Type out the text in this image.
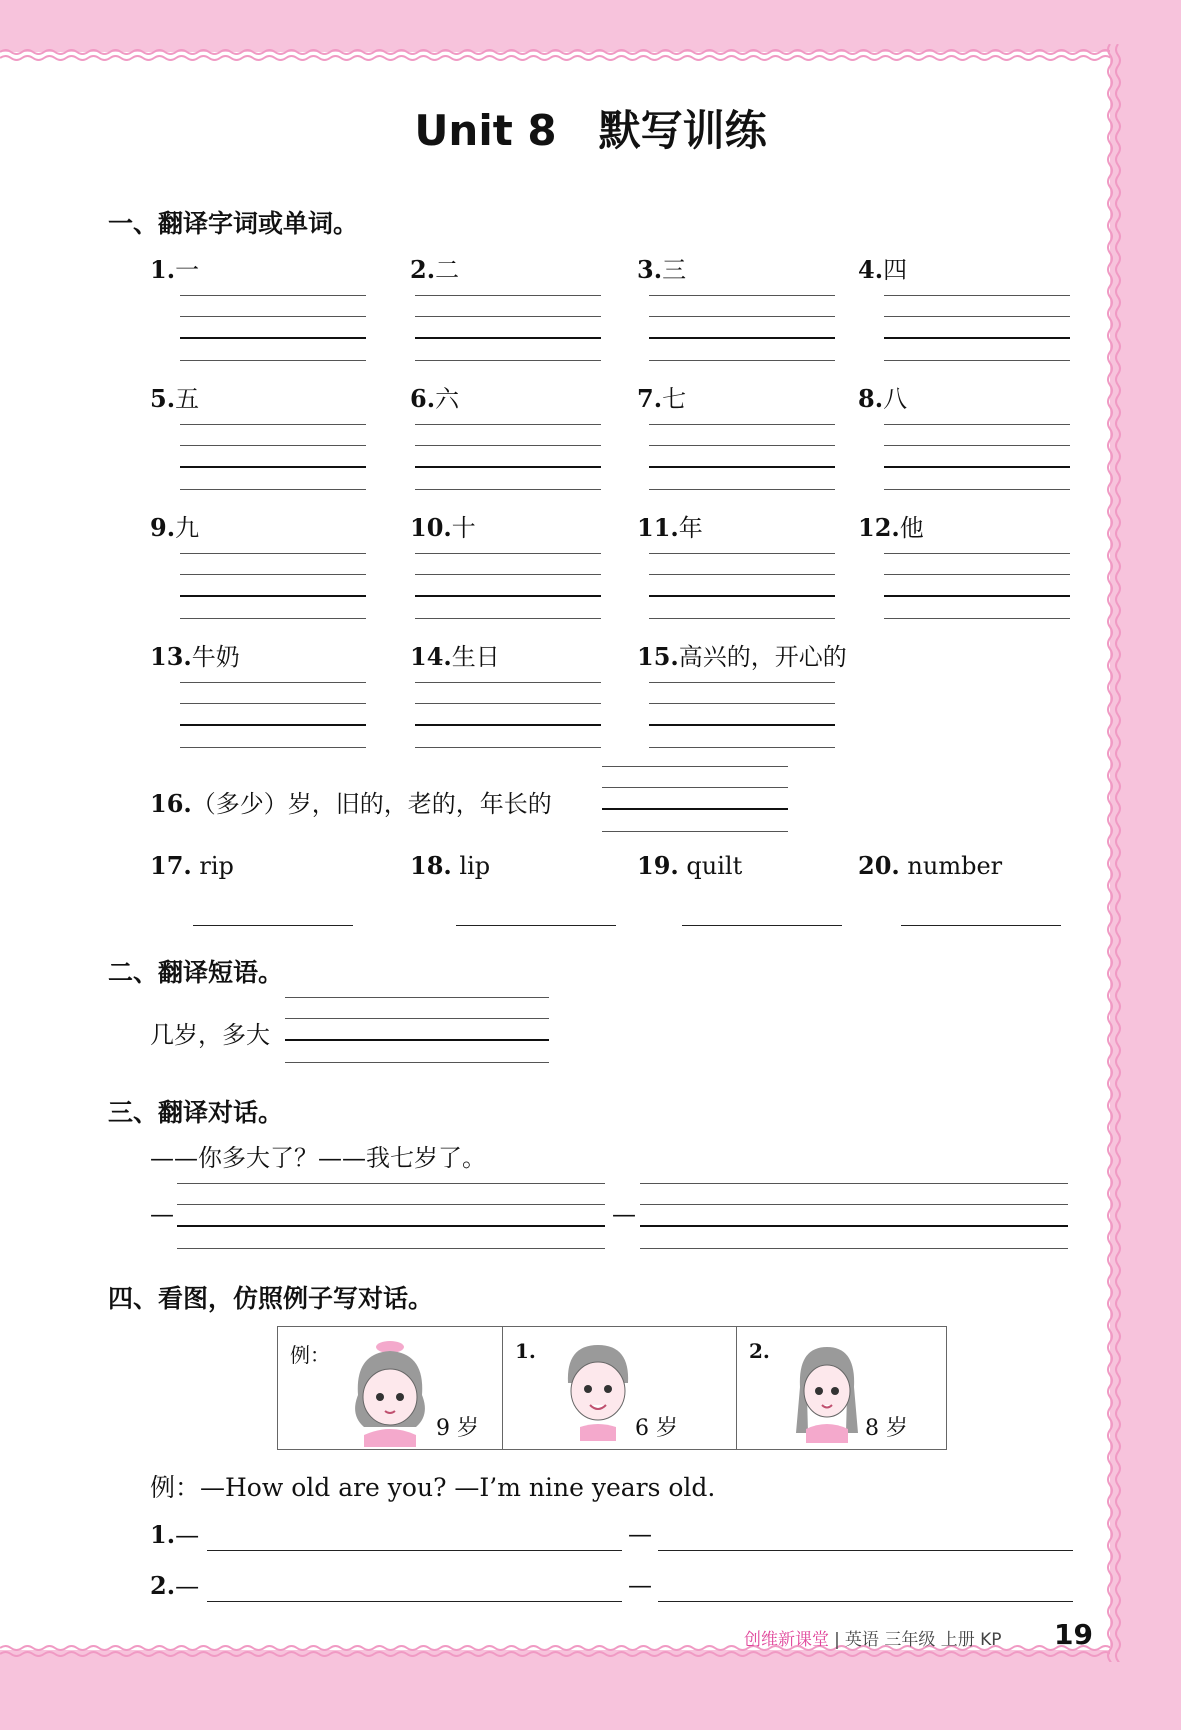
Unit 8　默写训练
一、翻译字词或单词。
1.一	2.二	3.三	4.四
5.五	6.六	7.七	8.八
9.九	10.十	11.年	12.他
13.牛奶	14.生日	15.高兴的，开心的
16.（多少）岁，旧的，老的，年长的
17. rip	18. lip	19. quilt	20. number
二、翻译短语。
几岁，多大
三、翻译对话。
——你多大了？——我七岁了。
—	—
四、看图，仿照例子写对话。
例：
9 岁
1.
6 岁
2.
8 岁
例：—How old are you? —I’m nine years old.
1.—	—
2.—	—
创维新课堂 | 英语 三年级 上册 KP 19
